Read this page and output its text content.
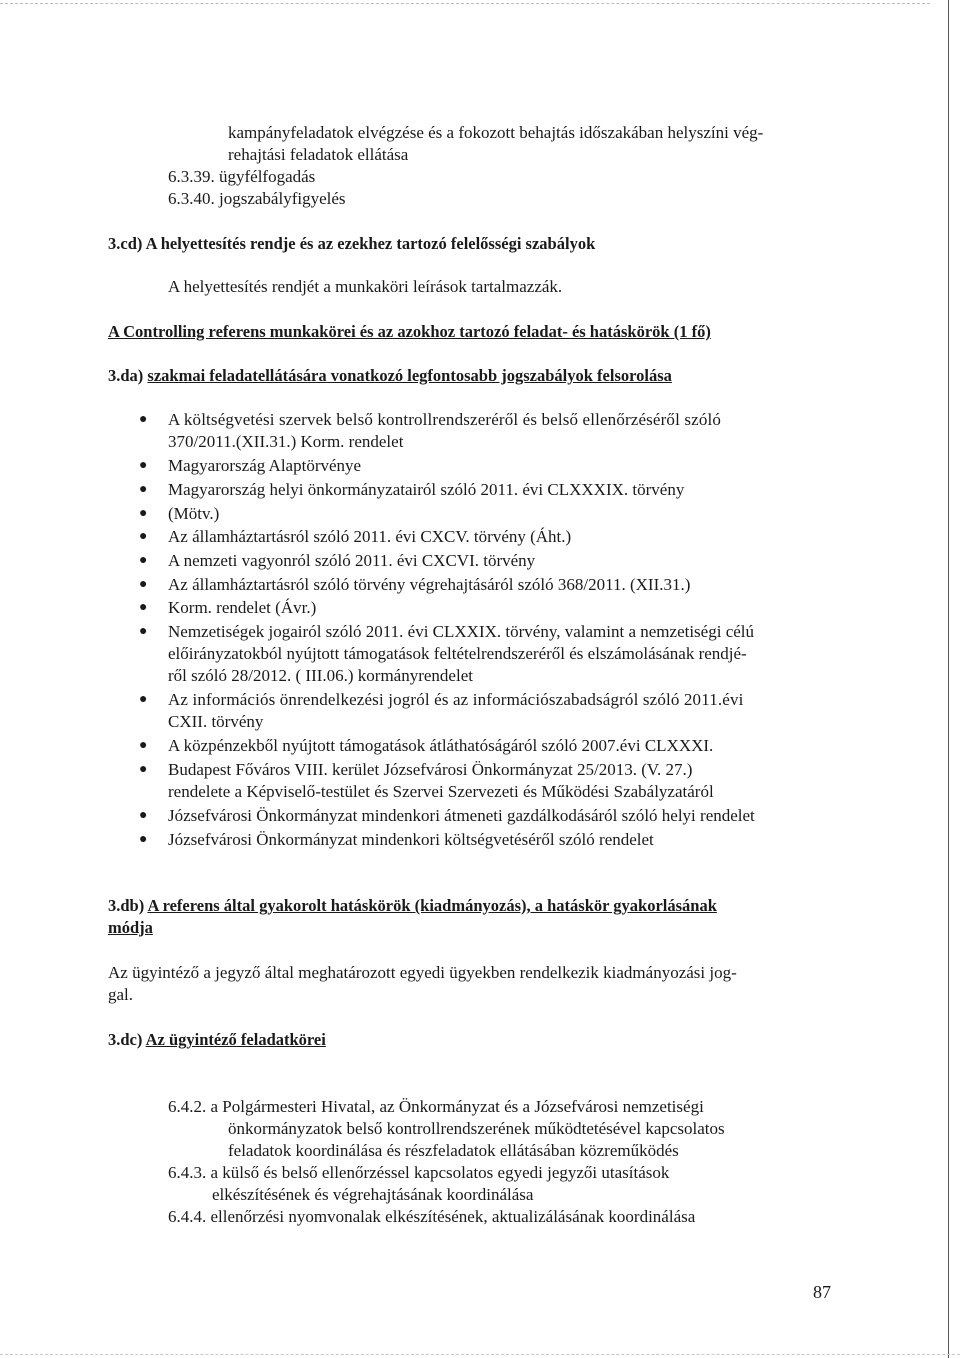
kampányfeladatok elvégzése és a fokozott behajtás időszakában helyszíni vég-
rehajtási feladatok ellátása
6.3.39. ügyfélfogadás
6.3.40. jogszabályfigyelés
3.cd) A helyettesítés rendje és az ezekhez tartozó felelősségi szabályok
A helyettesítés rendjét a munkaköri leírások tartalmazzák.
A Controlling referens munkakörei és az azokhoz tartozó feladat- és hatáskörök (1 fő)
3.da) szakmai feladatellátására vonatkozó legfontosabb jogszabályok felsorolása
● A költségvetési szervek belső kontrollrendszeréről és belső ellenőrzéséről szóló
370/2011.(XII.31.) Korm. rendelet
● Magyarország Alaptörvénye
● Magyarország helyi önkormányzatairól szóló 2011. évi CLXXXIX. törvény
● (Mötv.)
● Az államháztartásról szóló 2011. évi CXCV. törvény (Áht.)
● A nemzeti vagyonról szóló 2011. évi CXCVI. törvény
● Az államháztartásról szóló törvény végrehajtásáról szóló 368/2011. (XII.31.)
● Korm. rendelet (Ávr.)
● Nemzetiségek jogairól szóló 2011. évi CLXXIX. törvény, valamint a nemzetiségi célú
előirányzatokból nyújtott támogatások feltételrendszeréről és elszámolásának rendjé-
ről szóló 28/2012. ( III.06.) kormányrendelet
● Az információs önrendelkezési jogról és az információszabadságról szóló 2011.évi
CXII. törvény
● A közpénzekből nyújtott támogatások átláthatóságáról szóló 2007.évi CLXXXI.
● Budapest Főváros VIII. kerület Józsefvárosi Önkormányzat 25/2013. (V. 27.)
rendelete a Képviselő-testület és Szervei Szervezeti és Működési Szabályzatáról
● Józsefvárosi Önkormányzat mindenkori átmeneti gazdálkodásáról szóló helyi rendelet
● Józsefvárosi Önkormányzat mindenkori költségvetéséről szóló rendelet
3.db) A referens által gyakorolt hatáskörök (kiadmányozás), a hatáskör gyakorlásának
módja
Az ügyintéző a jegyző által meghatározott egyedi ügyekben rendelkezik kiadmányozási jog-
gal.
3.dc) Az ügyintéző feladatkörei
6.4.2. a Polgármesteri Hivatal, az Önkormányzat és a Józsefvárosi nemzetiségi
önkormányzatok belső kontrollrendszerének működtetésével kapcsolatos
feladatok koordinálása és részfeladatok ellátásában közreműködés
6.4.3. a külső és belső ellenőrzéssel kapcsolatos egyedi jegyzői utasítások
elkészítésének és végrehajtásának koordinálása
6.4.4. ellenőrzési nyomvonalak elkészítésének, aktualizálásának koordinálása
87
